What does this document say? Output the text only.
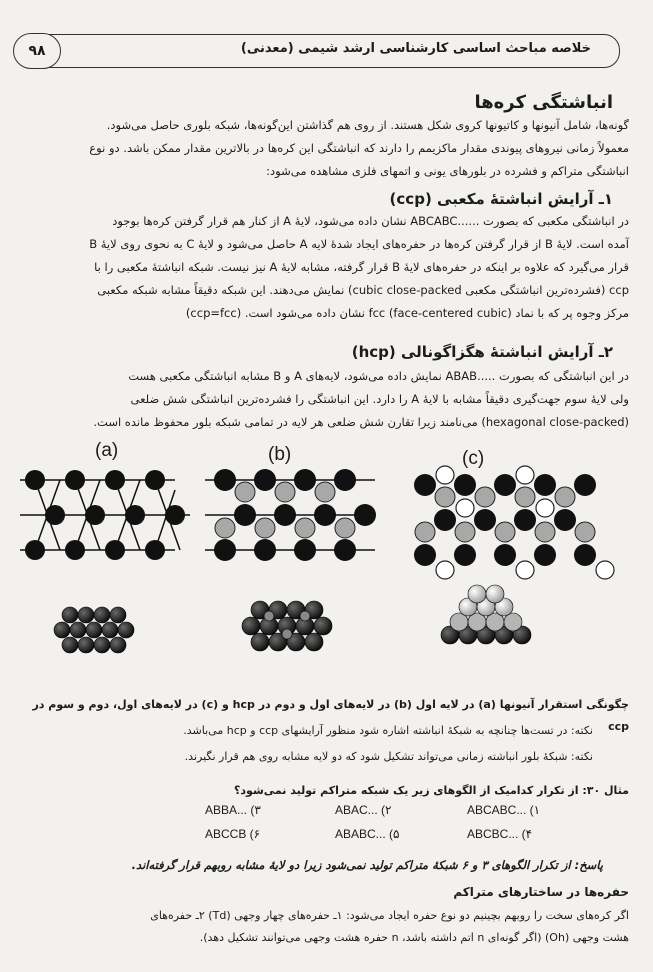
۹۸	خلاصه مباحث اساسی کارشناسی ارشد شیمی (معدنی)
انباشتگی کره‌ها
گونه‌ها، شامل آنیونها و کاتیونها کروی شکل هستند. از روی هم گذاشتن این‌گونه‌ها، شبکه بلوری حاصل می‌شود.
معمولاً زمانی نیروهای پیوندی مقدار ماکزیمم را دارند که انباشتگی این کره‌ها در بالاترین مقدار ممکن باشد. دو نوع
انباشتگی متراکم و فشرده در بلورهای یونی و اتمهای فلزی مشاهده می‌شود:
۱ـ آرایش انباشتهٔ مکعبی (ccp)
در انباشتگی مکعبی که بصورت ......ABCABC نشان داده می‌شود، لایهٔ A از کنار هم قرار گرفتن کره‌ها بوجود
آمده است. لایهٔ B از قرار گرفتن کره‌ها در حفره‌های ایجاد شدهٔ لایه A حاصل می‌شود و لایهٔ C به نحوی روی لایهٔ B
قرار می‌گیرد که علاوه بر اینکه در حفره‌های لایهٔ B قرار گرفته، مشابه لایهٔ A نیز نیست. شبکه انباشتهٔ مکعبی را با
ccp (فشرده‌ترین انباشتگی مکعبی cubic close-packed) نمایش می‌دهند. این شبکه دقیقاً مشابه شبکه مکعبی
مرکز وجوه پر که با نماد fcc (face-centered cubic) نشان داده می‌شود است. (ccp=fcc)
۲ـ آرایش انباشتهٔ هگزاگونالی (hcp)
در این انباشتگی که بصورت .....ABAB نمایش داده می‌شود، لایه‌های A و B مشابه انباشتگی مکعبی هست
ولی لایهٔ سوم جهت‌گیری دقیقاً مشابه با لایهٔ A را دارد. این انباشتگی را فشرده‌ترین انباشتگی شش ضلعی
(hexagonal close-packed) می‌نامند زیرا تقارن شش ضلعی هر لایه در تمامی شبکه بلور محفوظ مانده است.
(a)	(b)	(c)
چگونگی استقرار آنیونها (a) در لایه اول (b) در لایه‌های اول و دوم در hcp و (c) در لایه‌های اول، دوم و سوم در ccp
نکته: در تست‌ها چنانچه به شبکهٔ انباشته اشاره شود منظور آرایشهای ccp و hcp می‌باشد.
نکته: شبکهٔ بلور انباشته زمانی می‌تواند تشکیل شود که دو لایه مشابه روی هم قرار نگیرند.
مثال ۳۰: از تکرار کدامیک از الگوهای زیر یک شبکه متراکم تولید نمی‌شود؟
ABCABC... (۱
ABAC... (۲
ABBA... (۳
ABCBC... (۴
ABABC... (۵
ABCCB (۶
پاسخ: از تکرار الگوهای ۳ و ۶ شبکهٔ متراکم تولید نمی‌شود زیرا دو لایهٔ مشابه روبهم قرار گرفته‌اند.
حفره‌ها در ساختارهای متراکم
اگر کره‌های سخت را روبهم بچینیم دو نوع حفره ایجاد می‌شود: ۱ـ حفره‌های چهار وجهی (Td) ۲ـ حفره‌های
هشت وجهی (Oh) (اگر گونه‌ای n اتم داشته باشد، n حفره هشت وجهی می‌توانند تشکیل دهد).
